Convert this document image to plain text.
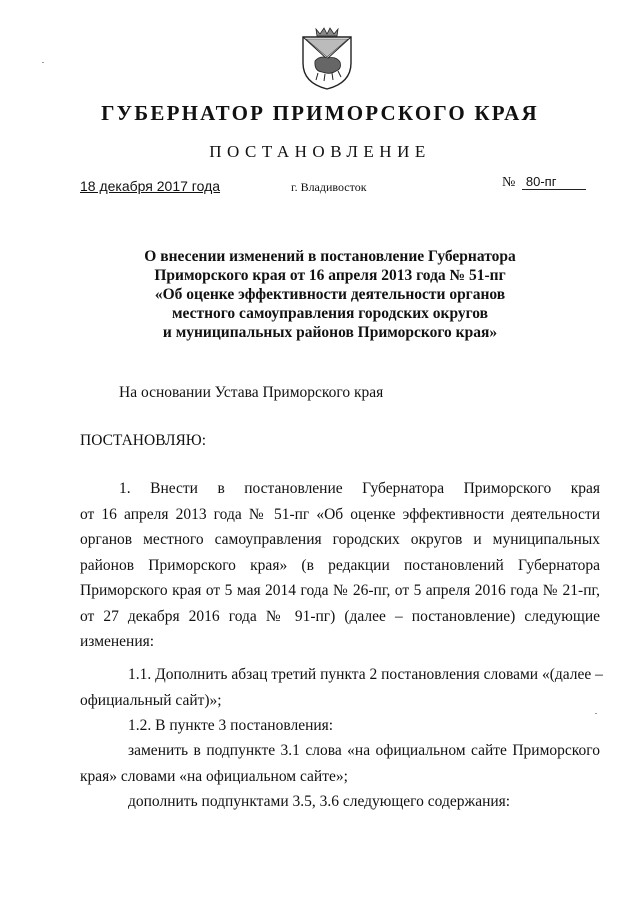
ГУБЕРНАТОР ПРИМОРСКОГО КРАЯ
ПОСТАНОВЛЕНИЕ
18 декабря 2017 года	г. Владивосток	№ 80-пг
О внесении изменений в постановление Губернатора
Приморского края от 16 апреля 2013 года № 51-пг
«Об оценке эффективности деятельности органов
местного самоуправления городских округов
и муниципальных районов Приморского края»
На основании Устава Приморского края
ПОСТАНОВЛЯЮ:
1. Внести в постановление Губернатора Приморского края
от 16 апреля 2013 года № 51-пг «Об оценке эффективности деятельности
органов местного самоуправления городских округов и муниципальных
районов Приморского края» (в редакции постановлений Губернатора
Приморского края от 5 мая 2014 года № 26-пг, от 5 апреля 2016 года № 21-пг,
от 27 декабря 2016 года № 91-пг) (далее – постановление) следующие
изменения:
1.1. Дополнить абзац третий пункта 2 постановления словами «(далее –
официальный сайт)»;
1.2. В пункте 3 постановления:
заменить в подпункте 3.1 слова «на официальном сайте Приморского
края» словами «на официальном сайте»;
дополнить подпунктами 3.5, 3.6 следующего содержания:
